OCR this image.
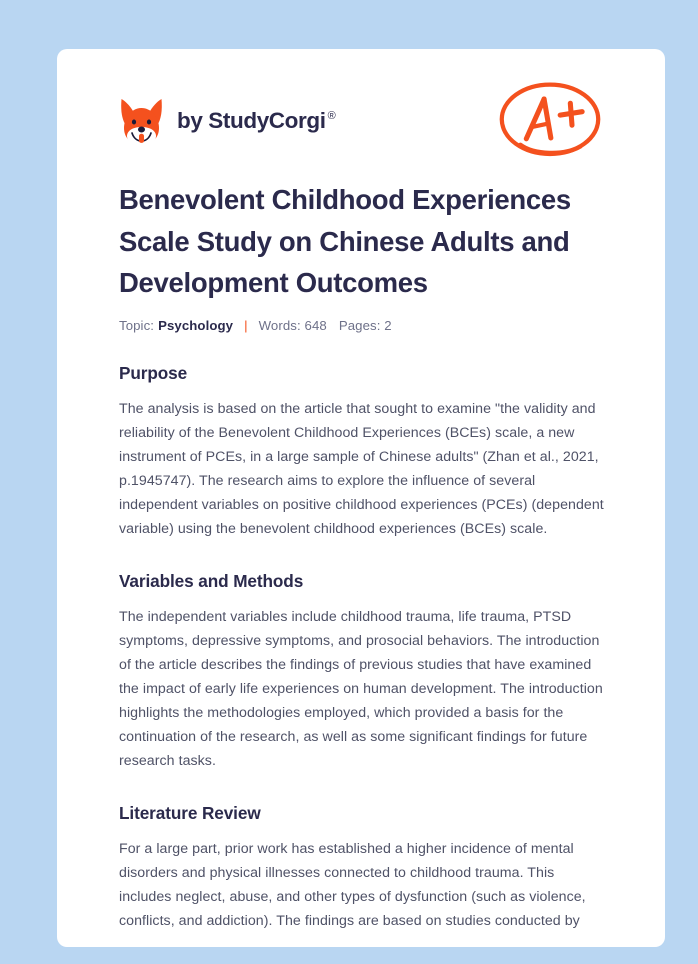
by StudyCorgi ®
Benevolent Childhood Experiences Scale Study on Chinese Adults and Development Outcomes
Topic: Psychology | Words: 648 Pages: 2
Purpose

The analysis is based on the article that sought to examine "the validity and reliability of the Benevolent Childhood Experiences (BCEs) scale, a new instrument of PCEs, in a large sample of Chinese adults" (Zhan et al., 2021, p.1945747). The research aims to explore the influence of several independent variables on positive childhood experiences (PCEs) (dependent variable) using the benevolent childhood experiences (BCEs) scale.

Variables and Methods

The independent variables include childhood trauma, life trauma, PTSD symptoms, depressive symptoms, and prosocial behaviors. The introduction of the article describes the findings of previous studies that have examined the impact of early life experiences on human development. The introduction highlights the methodologies employed, which provided a basis for the continuation of the research, as well as some significant findings for future research tasks.

Literature Review

For a large part, prior work has established a higher incidence of mental disorders and physical illnesses connected to childhood trauma. This includes neglect, abuse, and other types of dysfunction (such as violence, conflicts, and addiction). The findings are based on studies conducted by
